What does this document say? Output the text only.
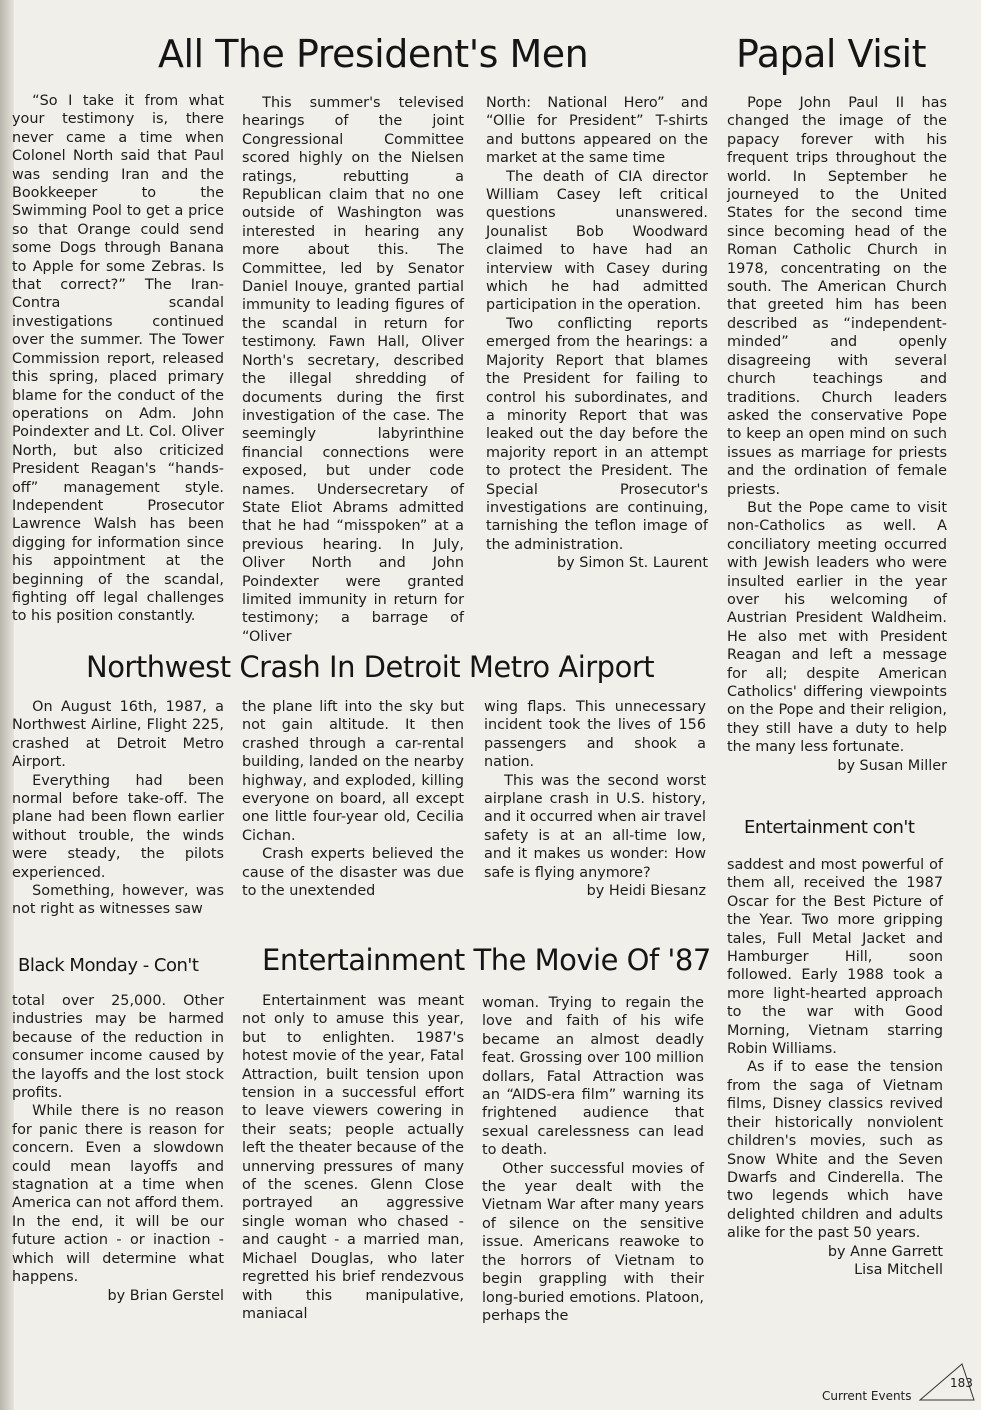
All The President's Men

“So I take it from what your testimony is, there never came a time when Colonel North said that Paul was sending Iran and the Bookkeeper to the Swimming Pool to get a price so that Orange could send some Dogs through Banana to Apple for some Zebras. Is that correct?” The Iran-Contra scandal investigations continued over the summer. The Tower Commission report, released this spring, placed primary blame for the conduct of the operations on Adm. John Poindexter and Lt. Col. Oliver North, but also criticized President Reagan's “hands-off” management style. Independent Prosecutor Lawrence Walsh has been digging for information since his appointment at the beginning of the scandal, fighting off legal challenges to his position constantly.

This summer's televised hearings of the joint Congressional Committee scored highly on the Nielsen ratings, rebutting a Republican claim that no one outside of Washington was interested in hearing any more about this. The Committee, led by Senator Daniel Inouye, granted partial immunity to leading figures of the scandal in return for testimony. Fawn Hall, Oliver North's secretary, described the illegal shredding of documents during the first investigation of the case. The seemingly labyrinthine financial connections were exposed, but under code names. Undersecretary of State Eliot Abrams admitted that he had “misspoken” at a previous hearing. In July, Oliver North and John Poindexter were granted limited immunity in return for testimony; a barrage of “Oliver

North: National Hero” and “Ollie for President” T-shirts and buttons appeared on the market at the same time

The death of CIA director William Casey left critical questions unanswered. Jounalist Bob Woodward claimed to have had an interview with Casey during which he had admitted participation in the operation.

Two conflicting reports emerged from the hearings: a Majority Report that blames the President for failing to control his subordinates, and a minority Report that was leaked out the day before the majority report in an attempt to protect the President. The Special Prosecutor's investigations are continuing, tarnishing the teflon image of the administration.

by Simon St. Laurent

Papal Visit

Pope John Paul II has changed the image of the papacy forever with his frequent trips throughout the world. In September he journeyed to the United States for the second time since becoming head of the Roman Catholic Church in 1978, concentrating on the south. The American Church that greeted him has been described as “independent-minded” and openly disagreeing with several church teachings and traditions. Church leaders asked the conservative Pope to keep an open mind on such issues as marriage for priests and the ordination of female priests.

But the Pope came to visit non-Catholics as well. A conciliatory meeting occurred with Jewish leaders who were insulted earlier in the year over his welcoming of Austrian President Waldheim. He also met with President Reagan and left a message for all; despite American Catholics' differing viewpoints on the Pope and their religion, they still have a duty to help the many less fortunate.

by Susan Miller

Northwest Crash In Detroit Metro Airport

On August 16th, 1987, a Northwest Airline, Flight 225, crashed at Detroit Metro Airport.

Everything had been normal before take-off. The plane had been flown earlier without trouble, the winds were steady, the pilots experienced.

Something, however, was not right as witnesses saw

the plane lift into the sky but not gain altitude. It then crashed through a car-rental building, landed on the nearby highway, and exploded, killing everyone on board, all except one little four-year old, Cecilia Cichan.

Crash experts believed the cause of the disaster was due to the unextended

wing flaps. This unnecessary incident took the lives of 156 passengers and shook a nation.

This was the second worst airplane crash in U.S. history, and it occurred when air travel safety is at an all-time low, and it makes us wonder: How safe is flying anymore?

by Heidi Biesanz

Entertainment con't

saddest and most powerful of them all, received the 1987 Oscar for the Best Picture of the Year. Two more gripping tales, Full Metal Jacket and Hamburger Hill, soon followed. Early 1988 took a more light-hearted approach to the war with Good Morning, Vietnam starring Robin Williams.

As if to ease the tension from the saga of Vietnam films, Disney classics revived their historically nonviolent children's movies, such as Snow White and the Seven Dwarfs and Cinderella. The two legends which have delighted children and adults alike for the past 50 years.

by Anne Garrett

Lisa Mitchell

Black Monday - Con't

total over 25,000. Other industries may be harmed because of the reduction in consumer income caused by the layoffs and the lost stock profits.

While there is no reason for panic there is reason for concern. Even a slowdown could mean layoffs and stagnation at a time when America can not afford them. In the end, it will be our future action - or inaction - which will determine what happens.

by Brian Gerstel

Entertainment The Movie Of '87

Entertainment was meant not only to amuse this year, but to enlighten. 1987's hotest movie of the year, Fatal Attraction, built tension upon tension in a successful effort to leave viewers cowering in their seats; people actually left the theater because of the unnerving pressures of many of the scenes. Glenn Close portrayed an aggressive single woman who chased - and caught - a married man, Michael Douglas, who later regretted his brief rendezvous with this manipulative, maniacal

woman. Trying to regain the love and faith of his wife became an almost deadly feat. Grossing over 100 million dollars, Fatal Attraction was an “AIDS-era film” warning its frightened audience that sexual carelessness can lead to death.

Other successful movies of the year dealt with the Vietnam War after many years of silence on the sensitive issue. Americans reawoke to the horrors of Vietnam to begin grappling with their long-buried emotions. Platoon, perhaps the

Current Events
183
